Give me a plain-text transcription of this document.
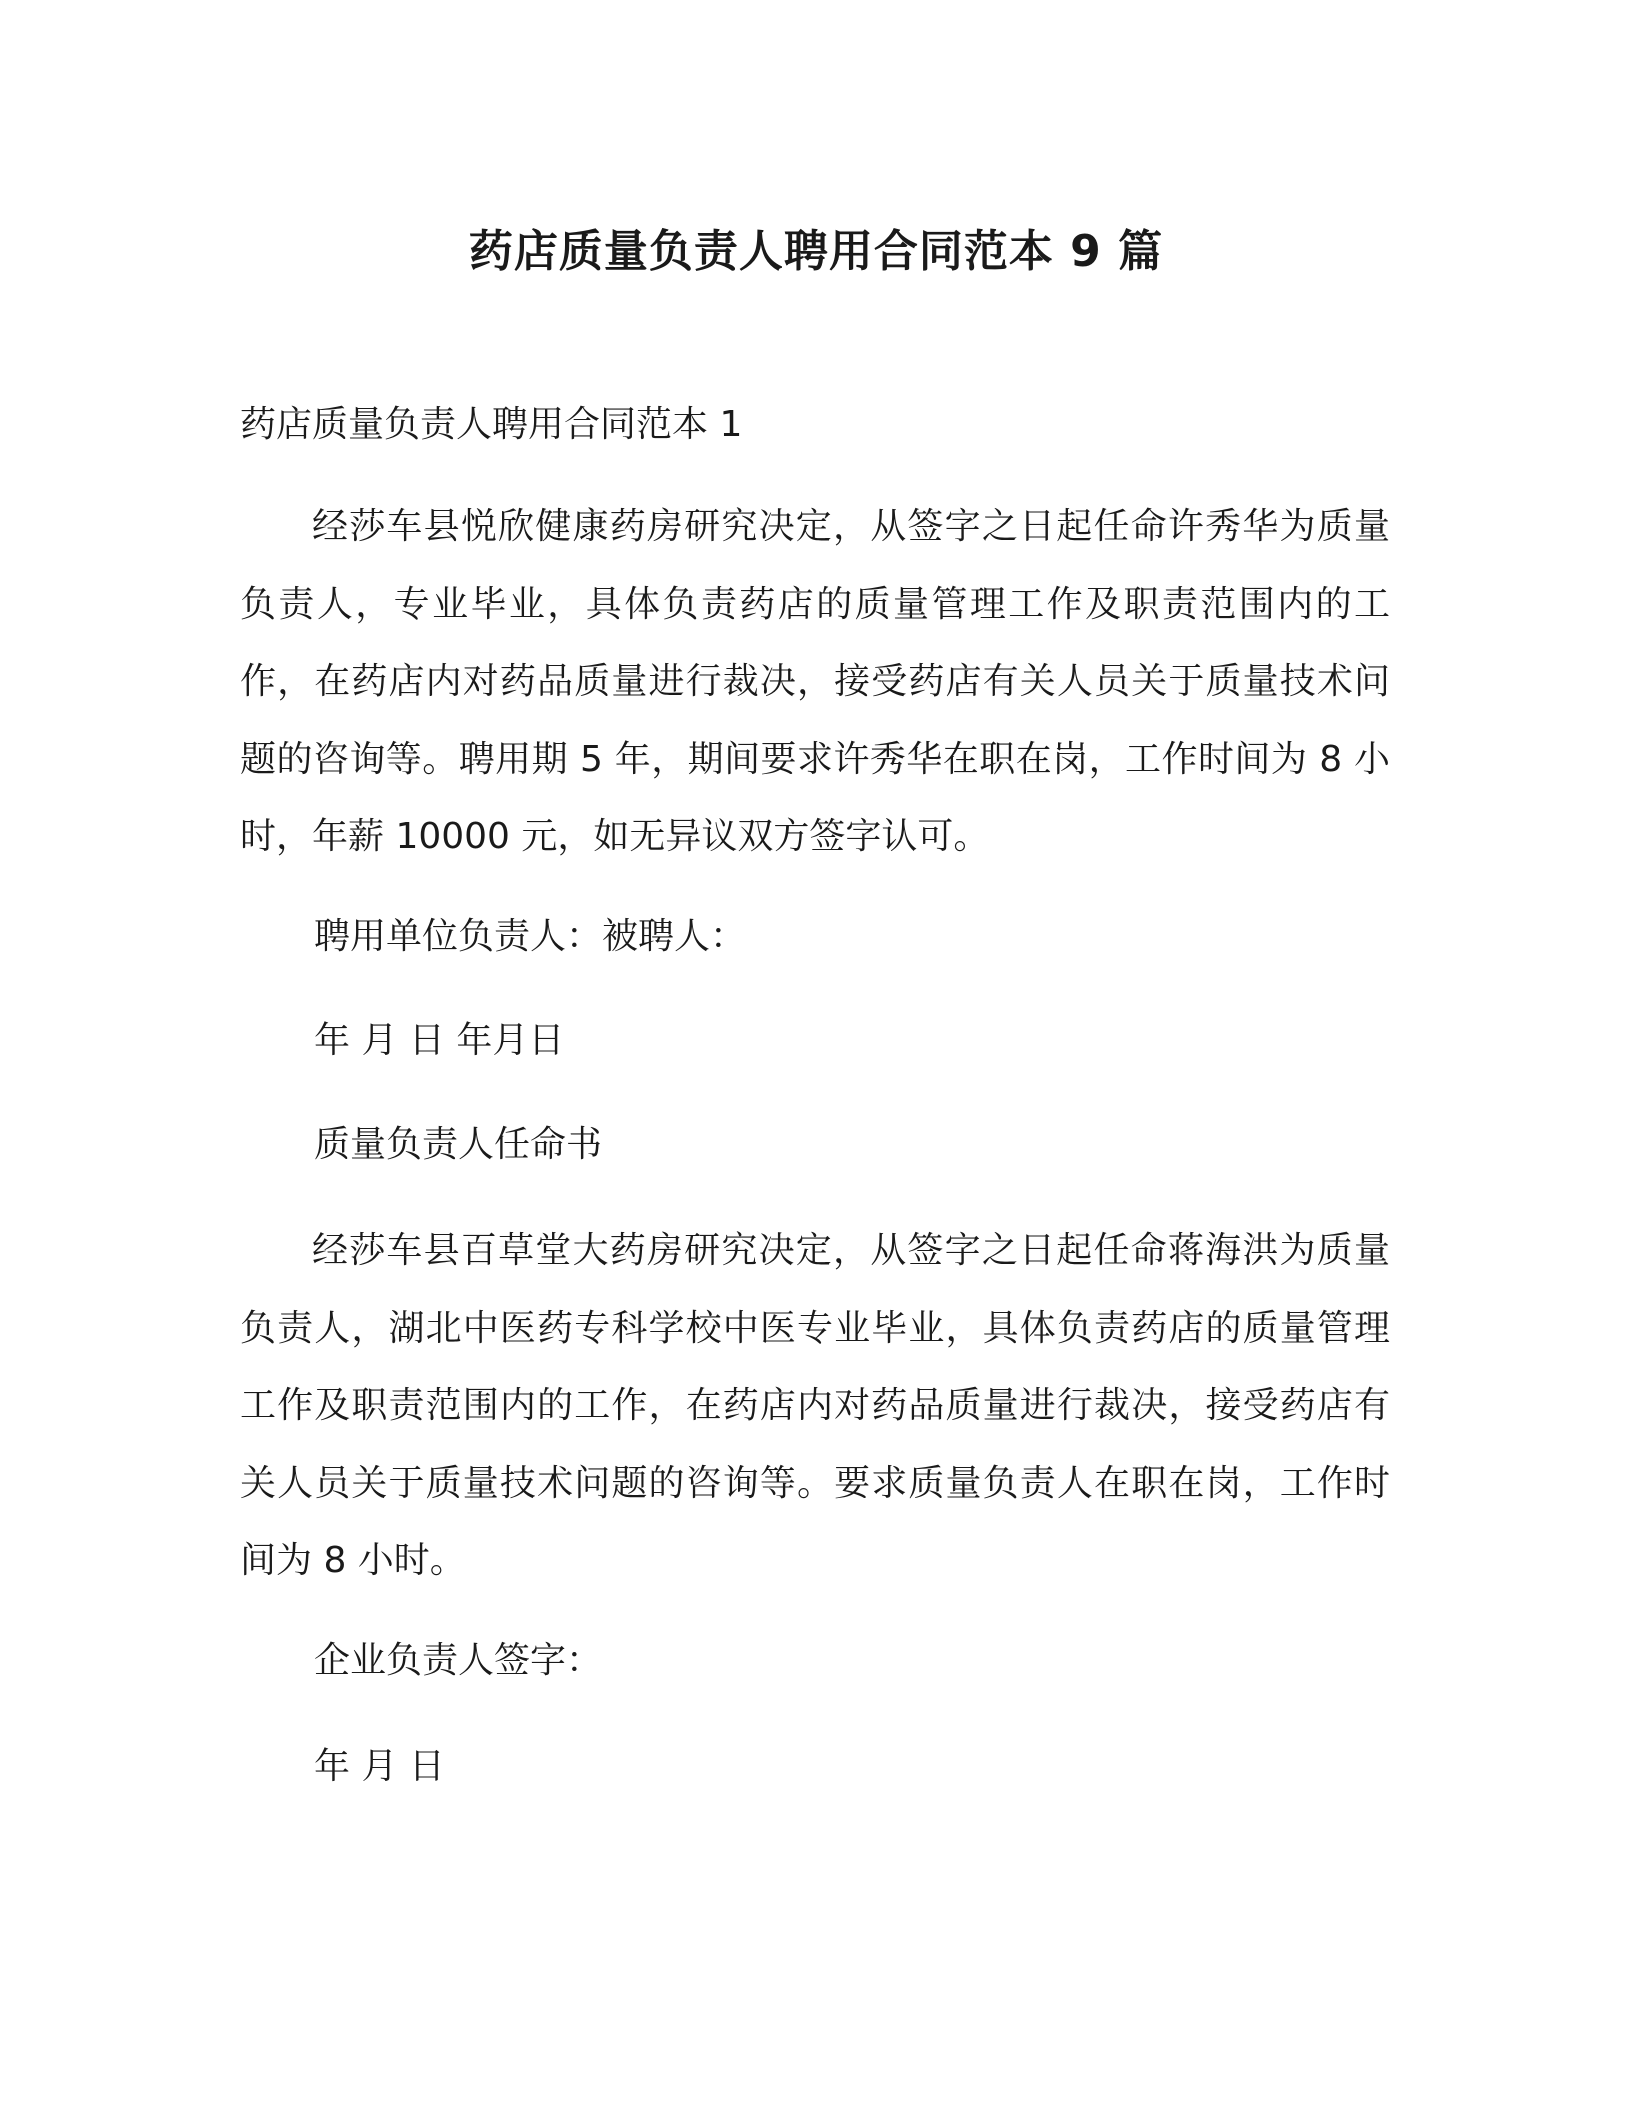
药店质量负责人聘用合同范本 9 篇
药店质量负责人聘用合同范本 1
经莎车县悦欣健康药房研究决定，从签字之日起任命许秀华为质量负责人，专业毕业，具体负责药店的质量管理工作及职责范围内的工作，在药店内对药品质量进行裁决，接受药店有关人员关于质量技术问题的咨询等。聘用期 5 年，期间要求许秀华在职在岗，工作时间为 8 小时，年薪 10000 元，如无异议双方签字认可。
聘用单位负责人：被聘人：
年 月 日 年月日
质量负责人任命书
经莎车县百草堂大药房研究决定，从签字之日起任命蒋海洪为质量负责人，湖北中医药专科学校中医专业毕业，具体负责药店的质量管理工作及职责范围内的工作，在药店内对药品质量进行裁决，接受药店有关人员关于质量技术问题的咨询等。要求质量负责人在职在岗，工作时间为 8 小时。
企业负责人签字：
年 月 日
